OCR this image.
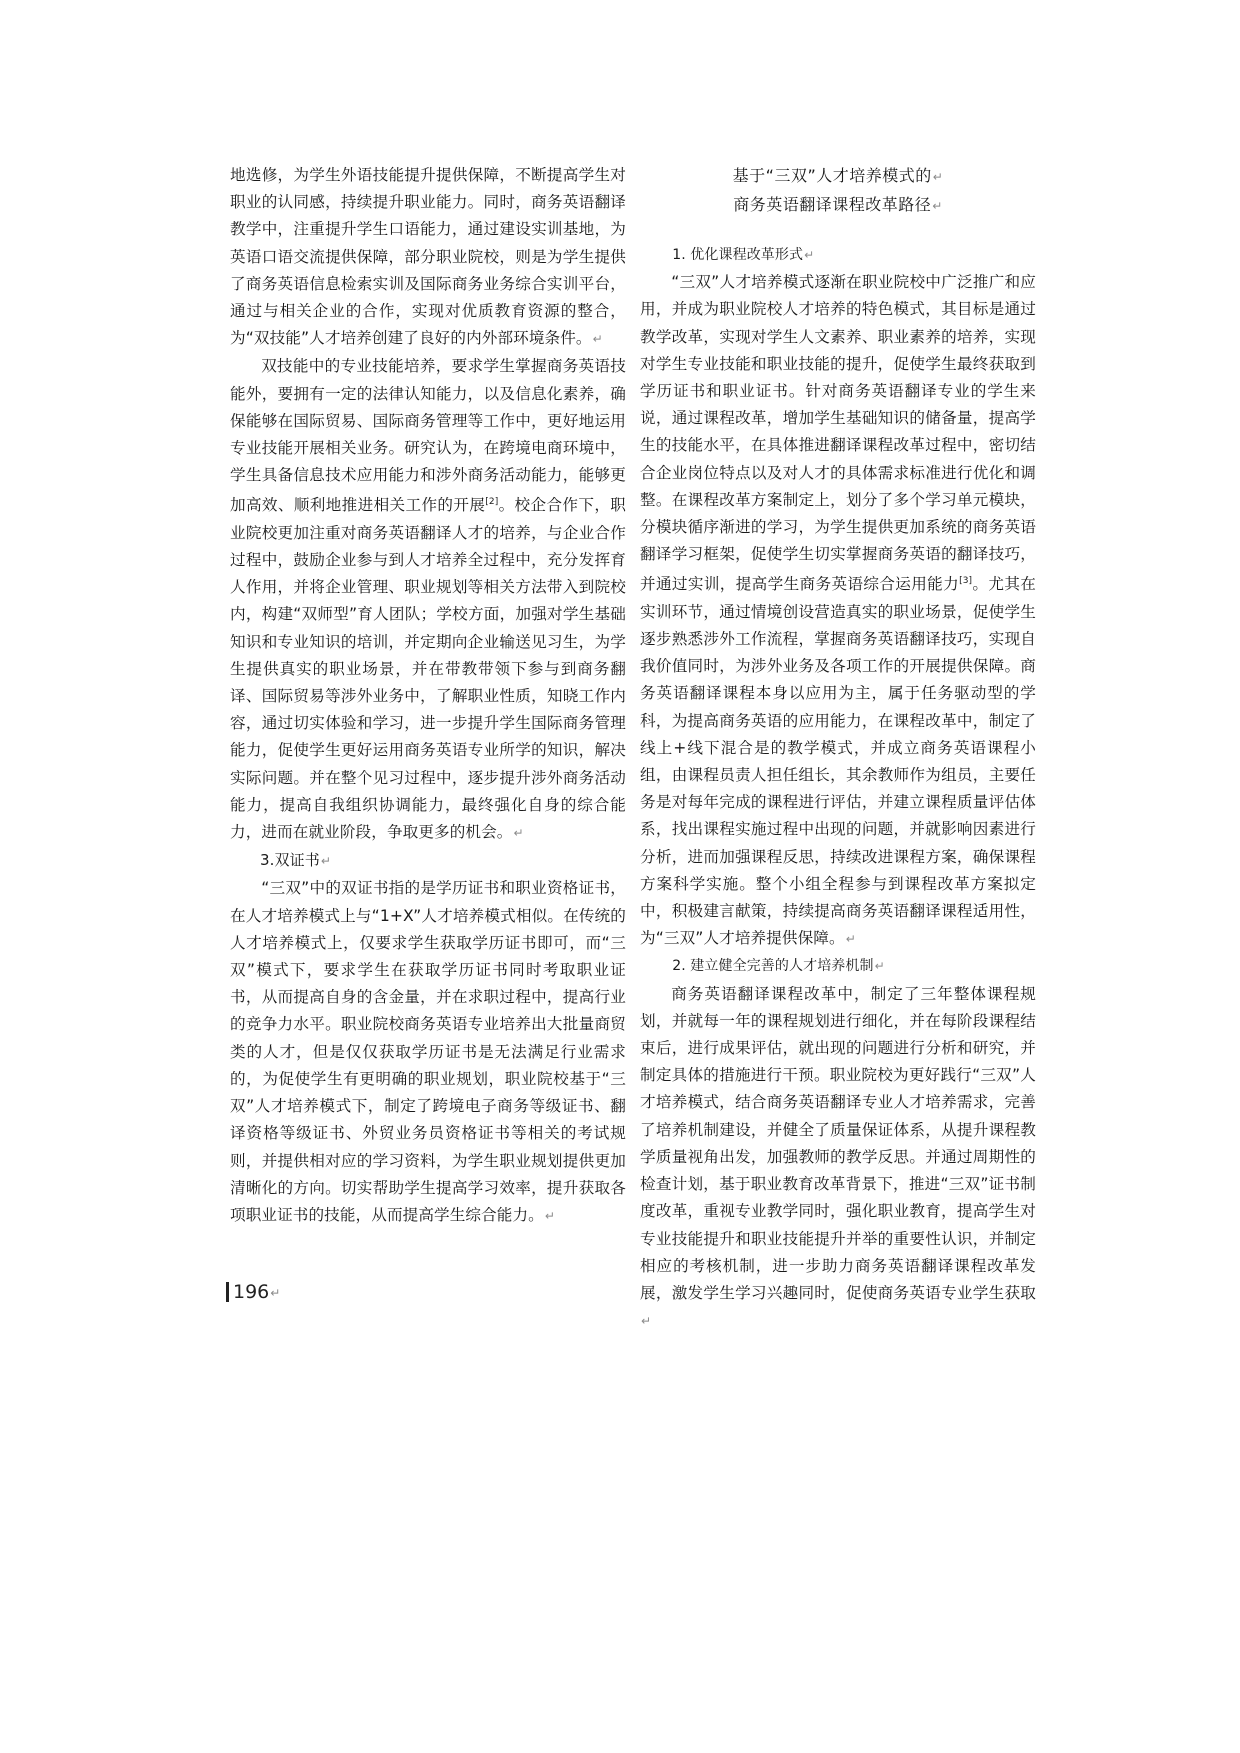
地选修，为学生外语技能提升提供保障，不断提高学生对职业的认同感，持续提升职业能力。同时，商务英语翻译教学中，注重提升学生口语能力，通过建设实训基地，为英语口语交流提供保障，部分职业院校，则是为学生提供了商务英语信息检索实训及国际商务业务综合实训平台，通过与相关企业的合作，实现对优质教育资源的整合，为“双技能”人才培养创建了良好的内外部环境条件。 ↵

双技能中的专业技能培养，要求学生掌握商务英语技能外，要拥有一定的法律认知能力，以及信息化素养，确保能够在国际贸易、国际商务管理等工作中，更好地运用专业技能开展相关业务。研究认为，在跨境电商环境中，学生具备信息技术应用能力和涉外商务活动能力，能够更加高效、顺利地推进相关工作的开展[2]。校企合作下，职业院校更加注重对商务英语翻译人才的培养，与企业合作过程中，鼓励企业参与到人才培养全过程中，充分发挥育人作用，并将企业管理、职业规划等相关方法带入到院校内，构建“双师型”育人团队；学校方面，加强对学生基础知识和专业知识的培训，并定期向企业输送见习生，为学生提供真实的职业场景，并在带教带领下参与到商务翻译、国际贸易等涉外业务中，了解职业性质，知晓工作内容，通过切实体验和学习，进一步提升学生国际商务管理能力，促使学生更好运用商务英语专业所学的知识，解决实际问题。并在整个见习过程中，逐步提升涉外商务活动能力，提高自我组织协调能力，最终强化自身的综合能力，进而在就业阶段，争取更多的机会。 ↵

3.双证书 ↵

“三双”中的双证书指的是学历证书和职业资格证书，在人才培养模式上与“1+X”人才培养模式相似。在传统的人才培养模式上，仅要求学生获取学历证书即可，而“三双”模式下，要求学生在获取学历证书同时考取职业证书，从而提高自身的含金量，并在求职过程中，提高行业的竞争力水平。职业院校商务英语专业培养出大批量商贸类的人才，但是仅仅获取学历证书是无法满足行业需求的，为促使学生有更明确的职业规划，职业院校基于“三双”人才培养模式下，制定了跨境电子商务等级证书、翻译资格等级证书、外贸业务员资格证书等相关的考试规则，并提供相对应的学习资料，为学生职业规划提供更加清晰化的方向。切实帮助学生提高学习效率，提升获取各项职业证书的技能，从而提高学生综合能力。 ↵

基于“三双”人才培养模式的 ↵

商务英语翻译课程改革路径 ↵

1. 优化课程改革形式 ↵

“三双”人才培养模式逐渐在职业院校中广泛推广和应用，并成为职业院校人才培养的特色模式，其目标是通过教学改革，实现对学生人文素养、职业素养的培养，实现对学生专业技能和职业技能的提升，促使学生最终获取到学历证书和职业证书。针对商务英语翻译专业的学生来说，通过课程改革，增加学生基础知识的储备量，提高学生的技能水平，在具体推进翻译课程改革过程中，密切结合企业岗位特点以及对人才的具体需求标准进行优化和调整。在课程改革方案制定上，划分了多个学习单元模块，分模块循序渐进的学习，为学生提供更加系统的商务英语翻译学习框架，促使学生切实掌握商务英语的翻译技巧，并通过实训，提高学生商务英语综合运用能力[3]。尤其在实训环节，通过情境创设营造真实的职业场景，促使学生逐步熟悉涉外工作流程，掌握商务英语翻译技巧，实现自我价值同时，为涉外业务及各项工作的开展提供保障。商务英语翻译课程本身以应用为主，属于任务驱动型的学科，为提高商务英语的应用能力，在课程改革中，制定了线上+线下混合是的教学模式，并成立商务英语课程小组，由课程员责人担任组长，其余教师作为组员，主要任务是对每年完成的课程进行评估，并建立课程质量评估体系，找出课程实施过程中出现的问题，并就影响因素进行分析，进而加强课程反思，持续改进课程方案，确保课程方案科学实施。整个小组全程参与到课程改革方案拟定中，积极建言献策，持续提高商务英语翻译课程适用性，为“三双”人才培养提供保障。 ↵

2. 建立健全完善的人才培养机制 ↵

商务英语翻译课程改革中，制定了三年整体课程规划，并就每一年的课程规划进行细化，并在每阶段课程结束后，进行成果评估，就出现的问题进行分析和研究，并制定具体的措施进行干预。职业院校为更好践行“三双”人才培养模式，结合商务英语翻译专业人才培养需求，完善了培养机制建设，并健全了质量保证体系，从提升课程教学质量视角出发，加强教师的教学反思。并通过周期性的检查计划，基于职业教育改革背景下，推进“三双”证书制度改革，重视专业教学同时，强化职业教育，提高学生对专业技能提升和职业技能提升并举的重要性认识，并制定相应的考核机制，进一步助力商务英语翻译课程改革发展，激发学生学习兴趣同时，促使商务英语专业学生获取 ↵

196
↵
